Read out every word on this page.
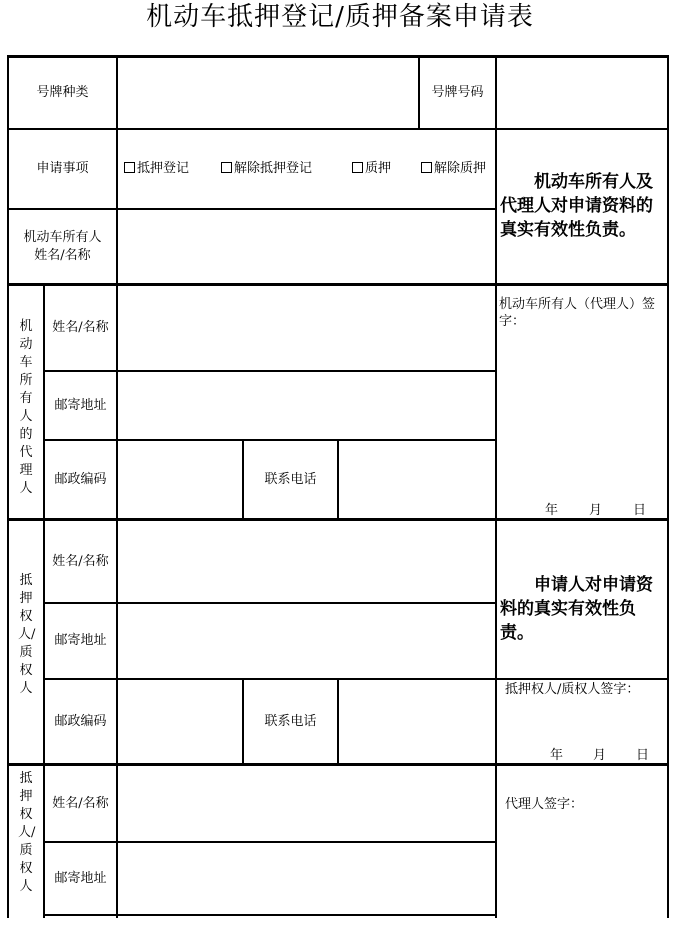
机动车抵押登记/质押备案申请表
号牌种类	号牌号码
申请事项	抵押登记	解除抵押登记	质押	解除质押
机动车所有人
姓名/名称
机动车所有人及代理人对申请资料的真实有效性负责。
机动车所有人的代理人
姓名/名称
邮寄地址
邮政编码	联系电话
机动车所有人（代理人）签字：
年 月 日
抵押权人/质权人
姓名/名称
邮寄地址
邮政编码	联系电话
申请人对申请资料的真实有效性负责。
抵押权人/质权人签字：
年 月 日
抵押权人/质权人
姓名/名称
邮寄地址
代理人签字：
